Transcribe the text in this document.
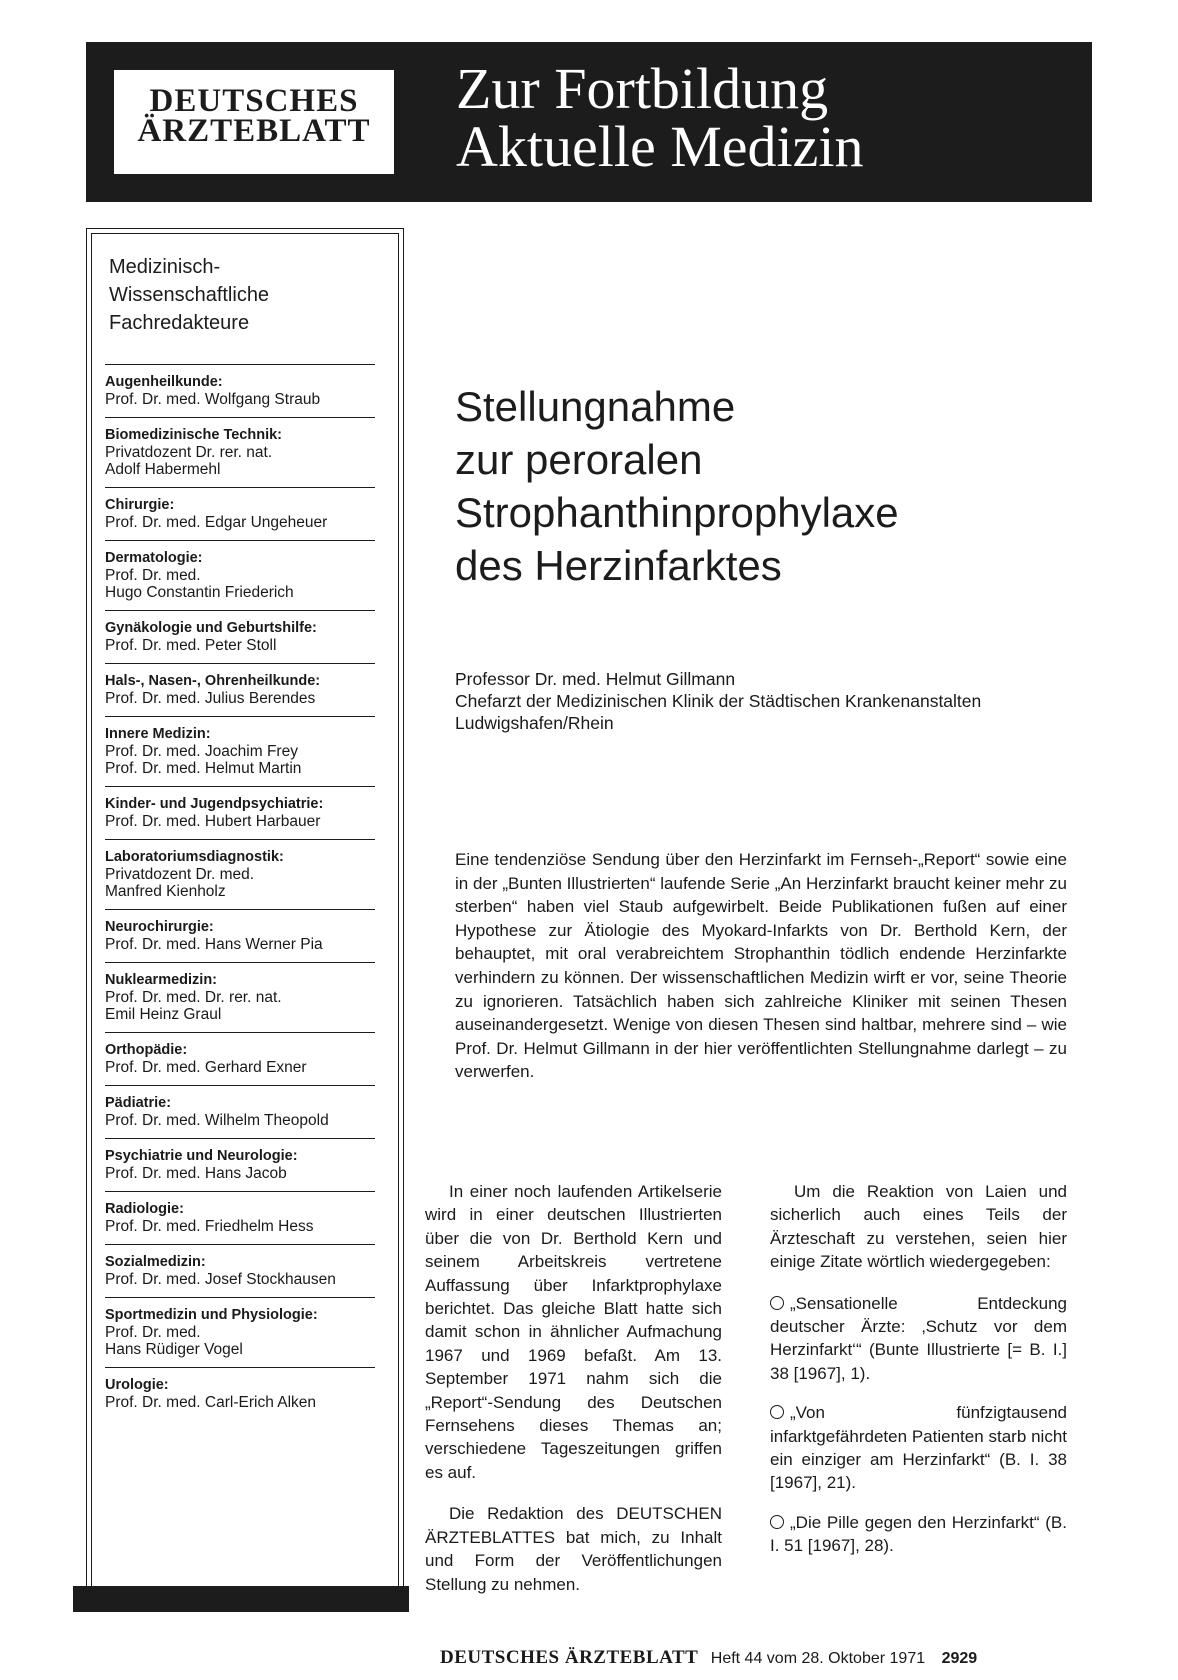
DEUTSCHES
ÄRZTEBLATT
Zur Fortbildung
Aktuelle Medizin
Medizinisch-
Wissenschaftliche
Fachredakteure
Augenheilkunde:
Prof. Dr. med. Wolfgang Straub
Biomedizinische Technik:
Privatdozent Dr. rer. nat.
Adolf Habermehl
Chirurgie:
Prof. Dr. med. Edgar Ungeheuer
Dermatologie:
Prof. Dr. med.
Hugo Constantin Friederich
Gynäkologie und Geburtshilfe:
Prof. Dr. med. Peter Stoll
Hals-, Nasen-, Ohrenheilkunde:
Prof. Dr. med. Julius Berendes
Innere Medizin:
Prof. Dr. med. Joachim Frey
Prof. Dr. med. Helmut Martin
Kinder- und Jugendpsychiatrie:
Prof. Dr. med. Hubert Harbauer
Laboratoriumsdiagnostik:
Privatdozent Dr. med.
Manfred Kienholz
Neurochirurgie:
Prof. Dr. med. Hans Werner Pia
Nuklearmedizin:
Prof. Dr. med. Dr. rer. nat.
Emil Heinz Graul
Orthopädie:
Prof. Dr. med. Gerhard Exner
Pädiatrie:
Prof. Dr. med. Wilhelm Theopold
Psychiatrie und Neurologie:
Prof. Dr. med. Hans Jacob
Radiologie:
Prof. Dr. med. Friedhelm Hess
Sozialmedizin:
Prof. Dr. med. Josef Stockhausen
Sportmedizin und Physiologie:
Prof. Dr. med.
Hans Rüdiger Vogel
Urologie:
Prof. Dr. med. Carl-Erich Alken
Stellungnahme
zur peroralen
Strophanthinprophylaxe
des Herzinfarktes
Professor Dr. med. Helmut Gillmann
Chefarzt der Medizinischen Klinik der Städtischen Krankenanstalten
Ludwigshafen/Rhein
Eine tendenziöse Sendung über den Herzinfarkt im Fernseh-„Report“ sowie eine in der „Bunten Illustrierten“ laufende Serie „An Herzinfarkt braucht keiner mehr zu sterben“ haben viel Staub aufgewirbelt. Beide Publikationen fußen auf einer Hypothese zur Ätiologie des Myokard-Infarkts von Dr. Berthold Kern, der behauptet, mit oral verabreichtem Strophanthin tödlich endende Herzinfarkte verhindern zu können. Der wissenschaftlichen Medizin wirft er vor, seine Theorie zu ignorieren. Tatsächlich haben sich zahlreiche Kliniker mit seinen Thesen auseinandergesetzt. Wenige von diesen Thesen sind haltbar, mehrere sind – wie Prof. Dr. Helmut Gillmann in der hier veröffentlichten Stellungnahme darlegt – zu verwerfen.

In einer noch laufenden Artikelserie wird in einer deutschen Illustrierten über die von Dr. Berthold Kern und seinem Arbeitskreis vertretene Auffassung über Infarktprophylaxe berichtet. Das gleiche Blatt hatte sich damit schon in ähnlicher Aufmachung 1967 und 1969 befaßt. Am 13. September 1971 nahm sich die „Report“-Sendung des Deutschen Fernsehens dieses Themas an; verschiedene Tageszeitungen griffen es auf.

Die Redaktion des DEUTSCHEN ÄRZTEBLATTES bat mich, zu Inhalt und Form der Veröffentlichungen Stellung zu nehmen.

Um die Reaktion von Laien und sicherlich auch eines Teils der Ärzteschaft zu verstehen, seien hier einige Zitate wörtlich wiedergegeben:

„Sensationelle Entdeckung deutscher Ärzte: ‚Schutz vor dem Herzinfarkt‘“ (Bunte Illustrierte [= B. I.] 38 [1967], 1).
„Von fünfzigtausend infarktgefährdeten Patienten starb nicht ein einziger am Herzinfarkt“ (B. I. 38 [1967], 21).
„Die Pille gegen den Herzinfarkt“ (B. I. 51 [1967], 28).
DEUTSCHES ÄRZTEBLATT Heft 44 vom 28. Oktober 1971 2929
